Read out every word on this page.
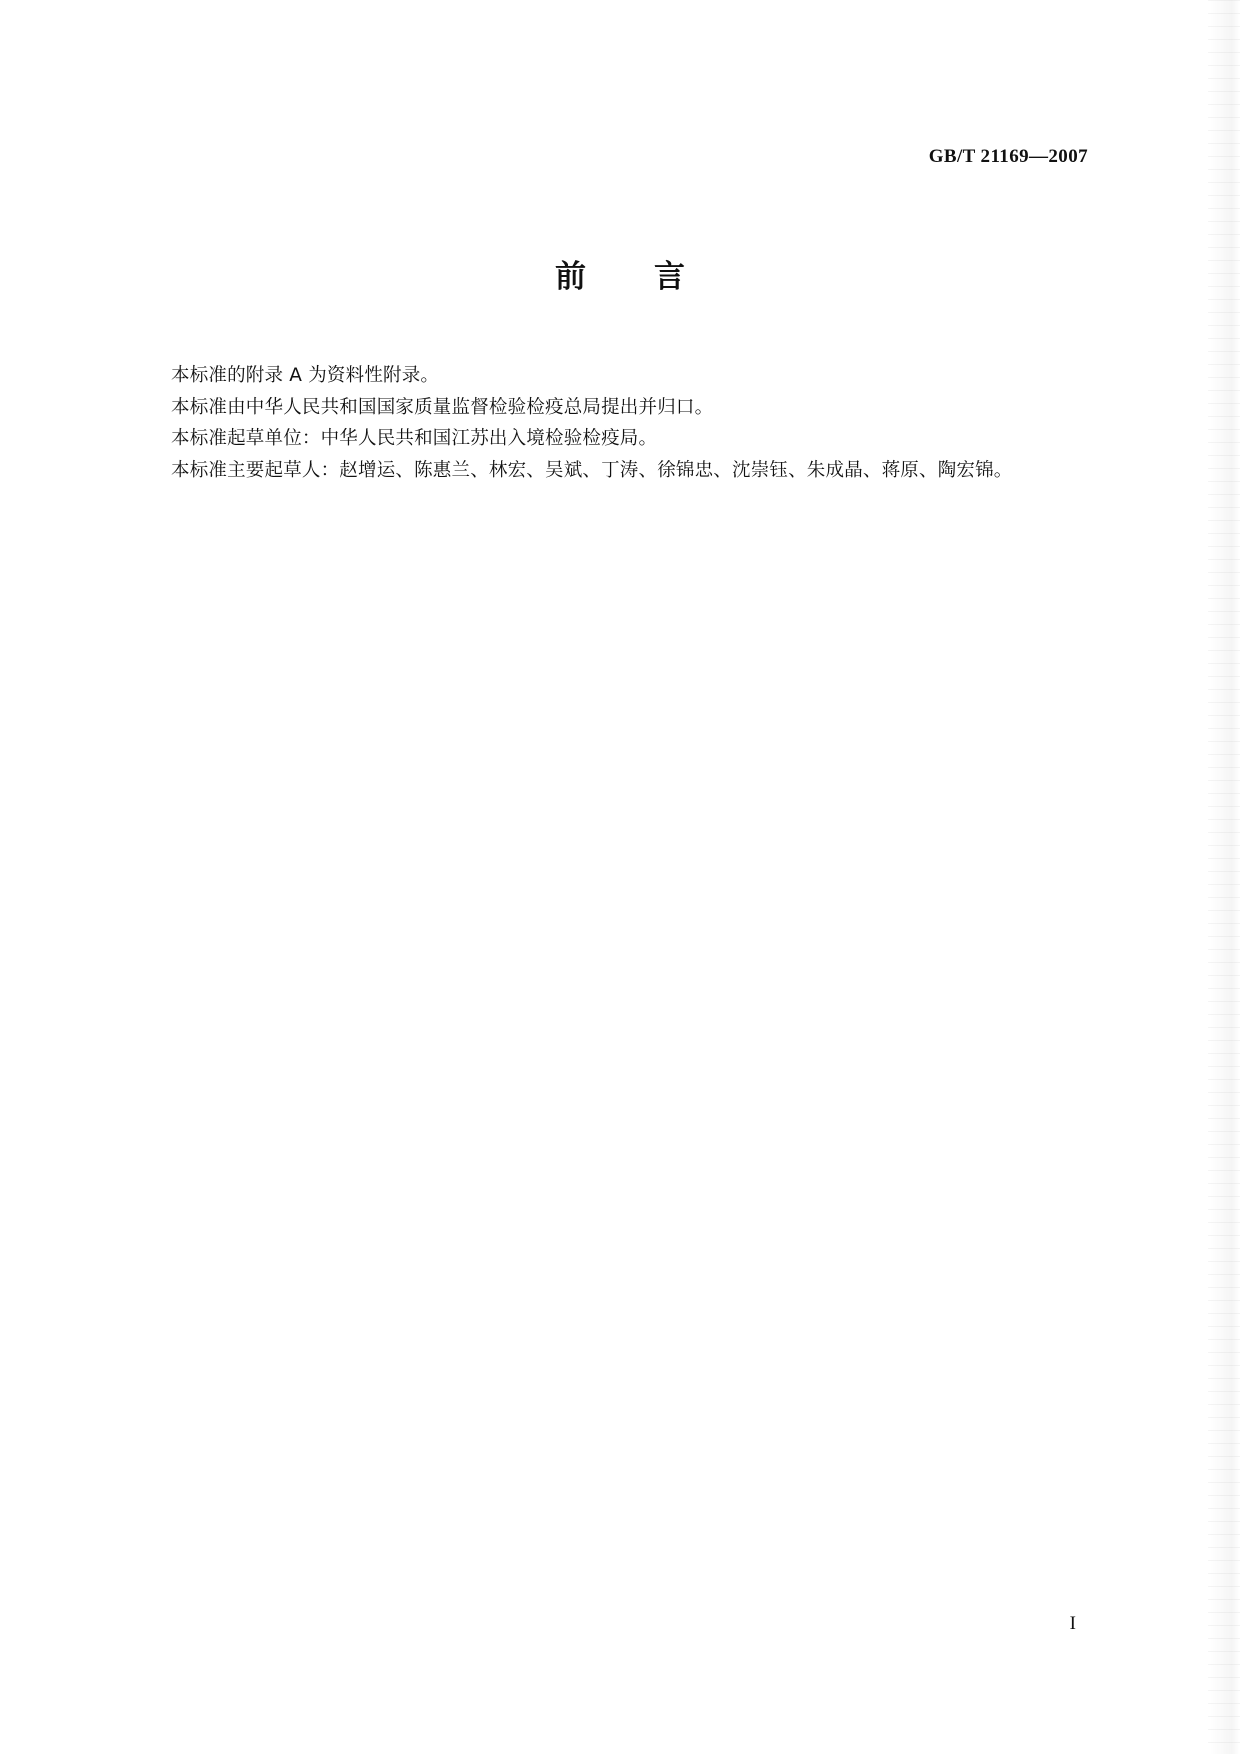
GB/T 21169—2007
前言

本标准的附录 A 为资料性附录。

本标准由中华人民共和国国家质量监督检验检疫总局提出并归口。

本标准起草单位：中华人民共和国江苏出入境检验检疫局。

本标准主要起草人：赵增运、陈惠兰、林宏、吴斌、丁涛、徐锦忠、沈崇钰、朱成晶、蒋原、陶宏锦。

I
